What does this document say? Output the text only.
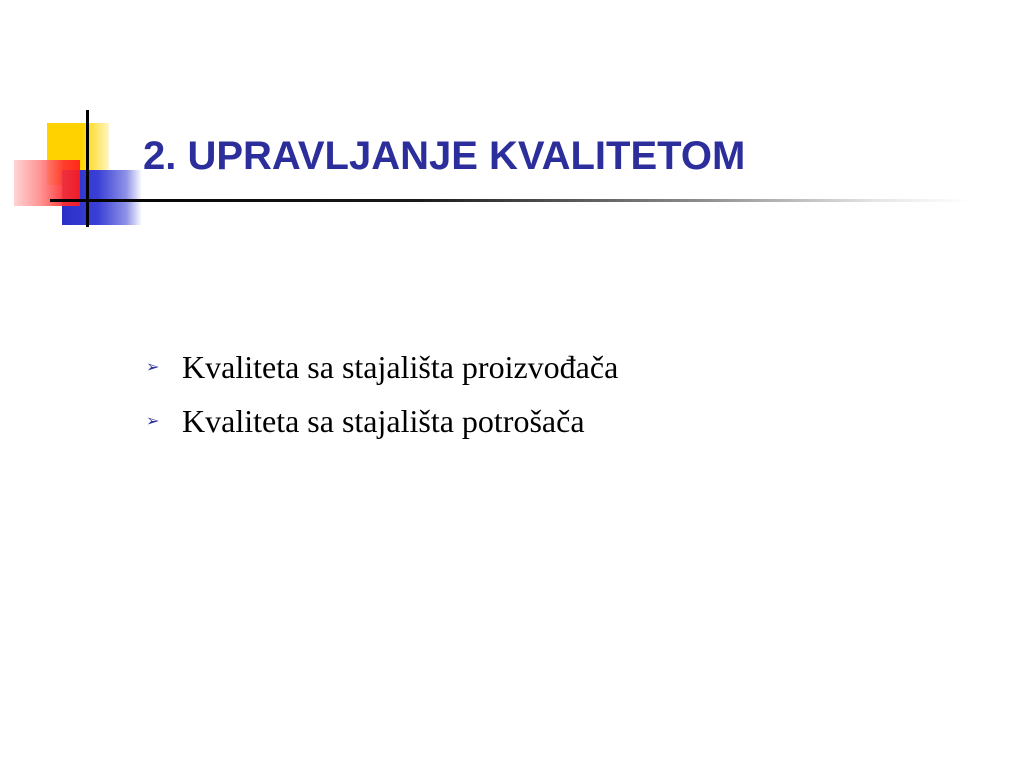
2. UPRAVLJANJE KVALITETOM
➢ Kvaliteta sa stajališta proizvođača
➢ Kvaliteta sa stajališta potrošača
